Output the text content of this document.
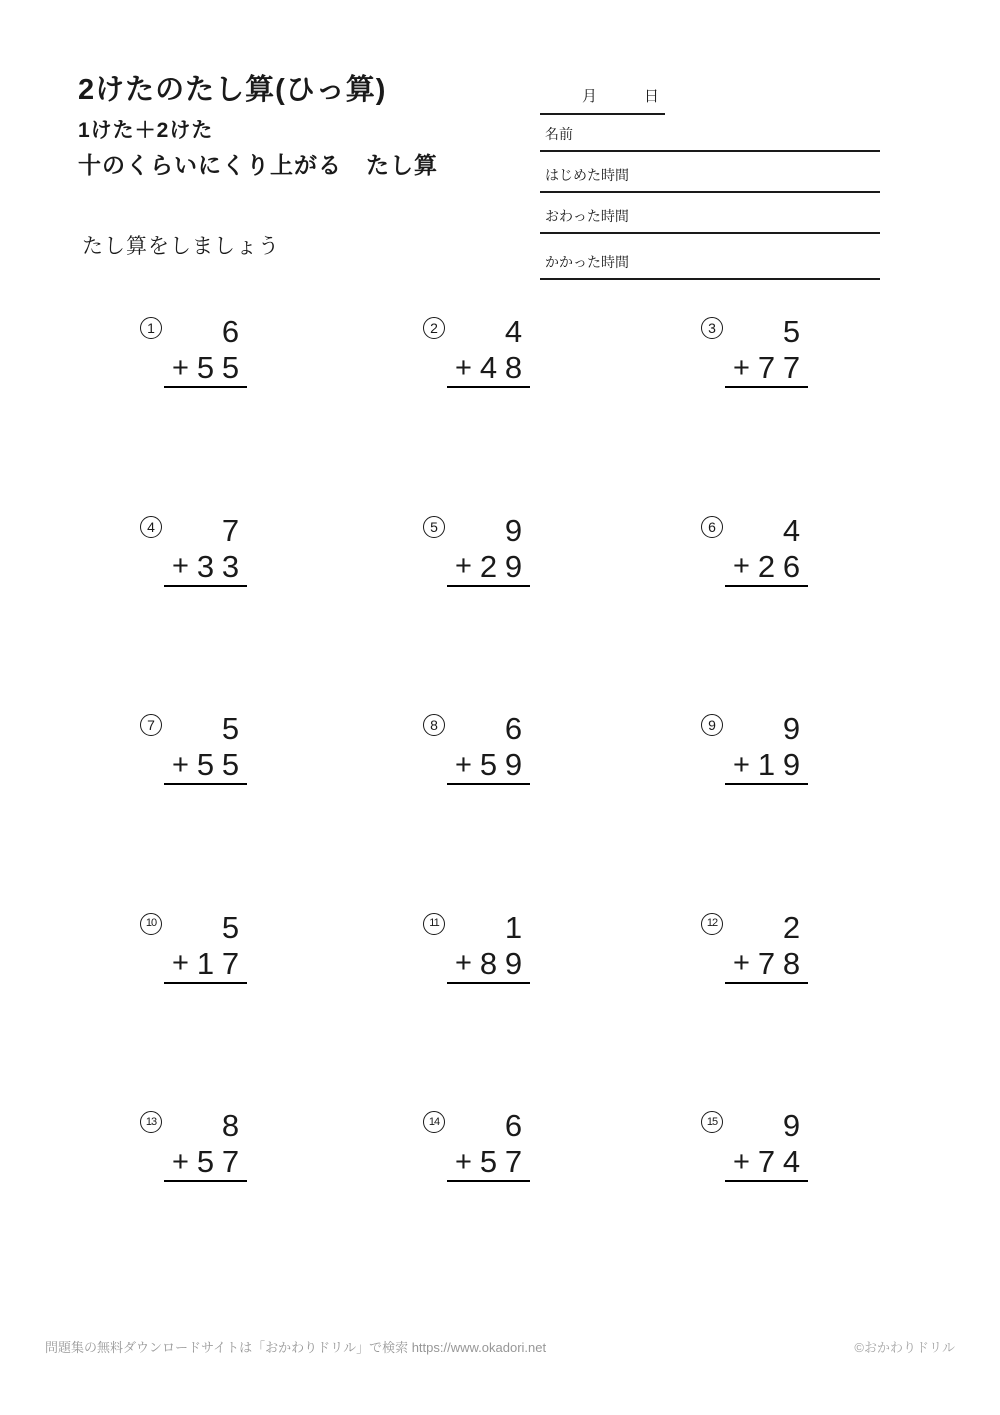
2けたのたし算(ひっ算)
1けた＋2けた
十のくらいにくり上がる　たし算
たし算をしましょう
月	日
名前
はじめた時間
おわった時間
かかった時間
1 6
+ 5 5
2 4
+ 4 8
3 5
+ 7 7
4 7
+ 3 3
5 9
+ 2 9
6 4
+ 2 6
7 5
+ 5 5
8 6
+ 5 9
9 9
+ 1 9
10 5
+ 1 7
11 1
+ 8 9
12 2
+ 7 8
13 8
+ 5 7
14 6
+ 5 7
15 9
+ 7 4
問題集の無料ダウンロードサイトは「おかわりドリル」で検索 https://www.okadori.net	©おかわりドリル
